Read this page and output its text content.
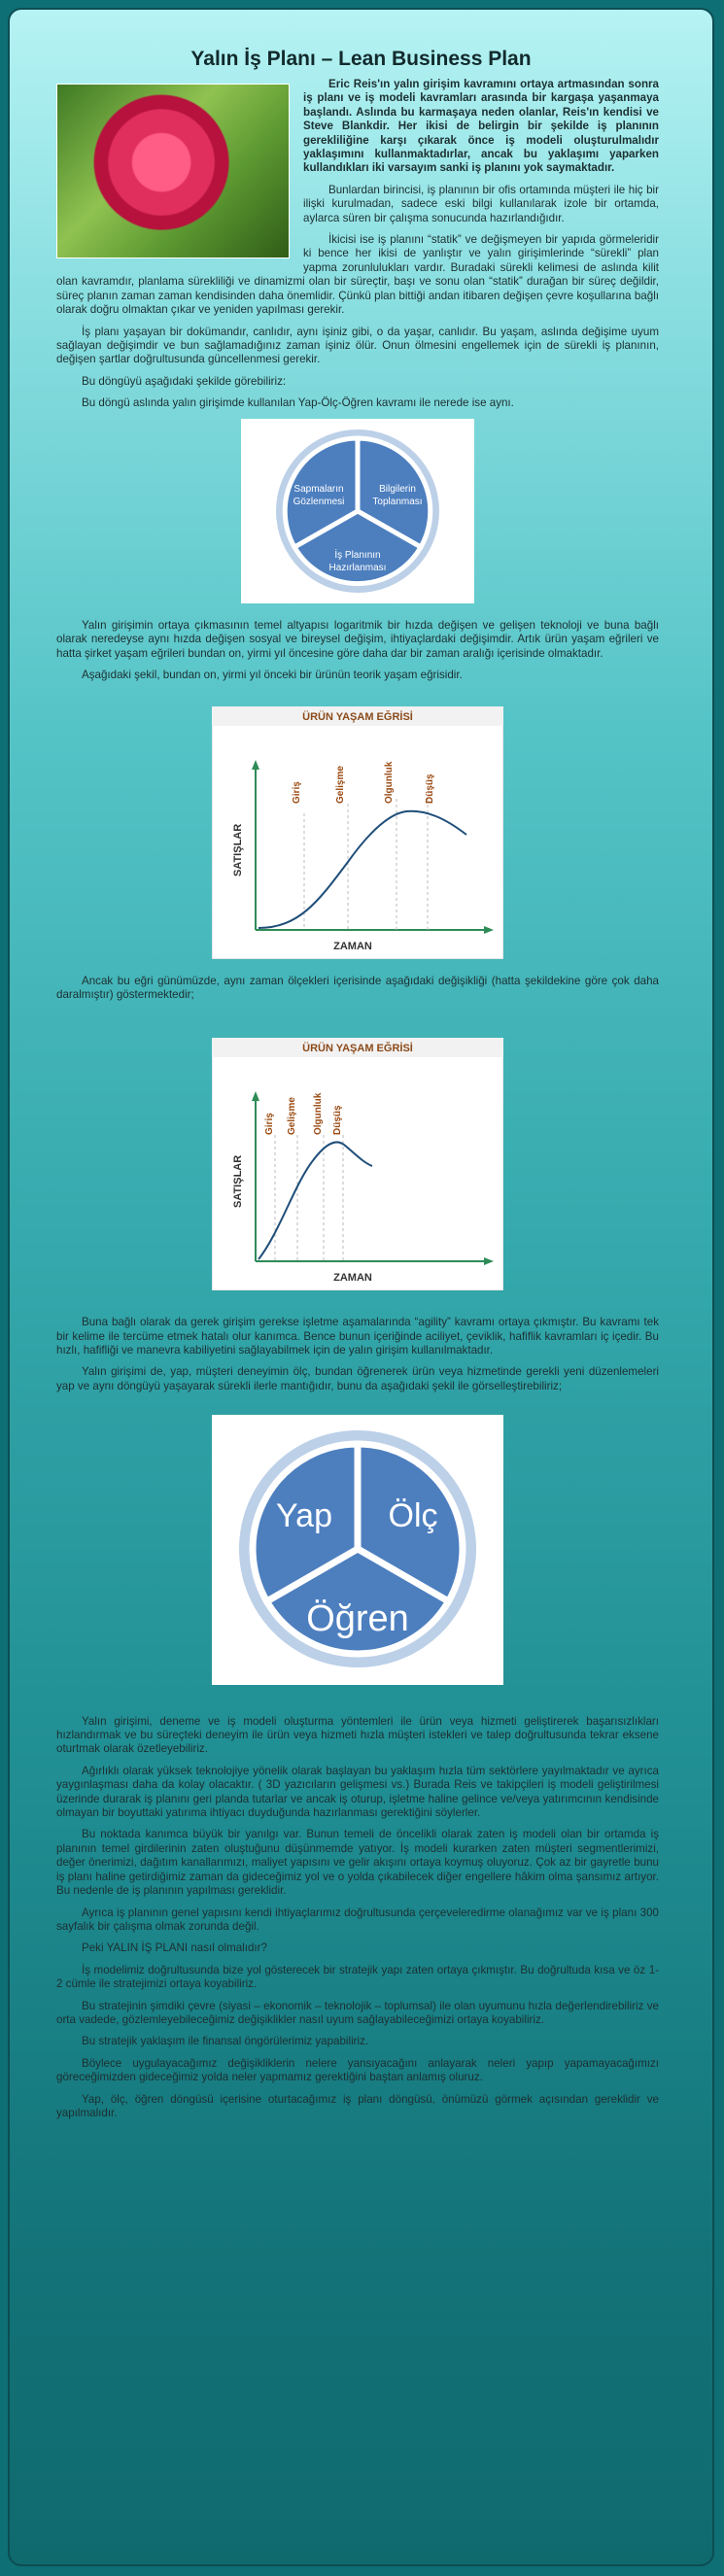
Yalın İş Planı – Lean Business Plan

Eric Reis'ın yalın girişim kavramını ortaya artmasından sonra iş planı ve iş modeli kavramları arasında bir kargaşa yaşanmaya başlandı. Aslında bu karmaşaya neden olanlar, Reis'ın kendisi ve Steve Blankdir. Her ikisi de belirgin bir şekilde iş planının gerekliliğine karşı çıkarak önce iş modeli oluşturulmalıdır yaklaşımını kullanmaktadırlar, ancak bu yaklaşımı yaparken kullandıkları iki varsayım sanki iş planını yok saymaktadır.

Bunlardan birincisi, iş planının bir ofis ortamında müşteri ile hiç bir ilişki kurulmadan, sadece eski bilgi kullanılarak izole bir ortamda, aylarca süren bir çalışma sonucunda hazırlandığıdır.

İkicisi ise iş planını “statik” ve değişmeyen bir yapıda görmeleridir ki bence her ikisi de yanlıştır ve yalın girişimlerinde “sürekli” plan yapma zorunlulukları vardır. Buradaki sürekli kelimesi de aslında kilit olan kavramdır, planlama sürekliliği ve dinamizmi olan bir süreçtir, başı ve sonu olan “statik” durağan bir süreç değildir, süreç planın zaman zaman kendisinden daha önemlidir. Çünkü plan bittiği andan itibaren değişen çevre koşullarına bağlı olarak doğru olmaktan çıkar ve yeniden yapılması gerekir.

İş planı yaşayan bir dokümandır, canlıdır, aynı işiniz gibi, o da yaşar, canlıdır. Bu yaşam, aslında değişime uyum sağlayan değişimdir ve bun sağlamadığınız zaman işiniz ölür. Onun ölmesini engellemek için de sürekli iş planının, değişen şartlar doğrultusunda güncellenmesi gerekir.

Bu döngüyü aşağıdaki şekilde görebiliriz:

Bu döngü aslında yalın girişimde kullanılan Yap-Ölç-Öğren kavramı ile nerede ise aynı.

Sapmaların
Gözlenmesi
Bilgilerin
Toplanması
İş Planının
Hazırlanması

Yalın girişimin ortaya çıkmasının temel altyapısı logaritmik bir hızda değişen ve gelişen teknoloji ve buna bağlı olarak neredeyse aynı hızda değişen sosyal ve bireysel değişim, ihtiyaçlardaki değişimdir. Artık ürün yaşam eğrileri ve hatta şirket yaşam eğrileri bundan on, yirmi yıl öncesine göre daha dar bir zaman aralığı içerisinde olmaktadır.

Aşağıdaki şekil, bundan on, yirmi yıl önceki bir ürünün teorik yaşam eğrisidir.

ÜRÜN YAŞAM EĞRİSİ
Giriş	Gelişme	Olgunluk	Düşüş
SATIŞLAR
ZAMAN

Ancak bu eğri günümüzde, aynı zaman ölçekleri içerisinde aşağıdaki değişikliği (hatta şekildekine göre çok daha daralmıştır) göstermektedir;

ÜRÜN YAŞAM EĞRİSİ
Giriş Gelişme Olgunluk Düşüş
SATIŞLAR
ZAMAN

Buna bağlı olarak da gerek girişim gerekse işletme aşamalarında “agility” kavramı ortaya çıkmıştır. Bu kavramı tek bir kelime ile tercüme etmek hatalı olur kanımca. Bence bunun içeriğinde aciliyet, çeviklik, hafiflik kavramları iç içedir. Bu hızlı, hafifliği ve manevra kabiliyetini sağlayabilmek için de yalın girişim kullanılmaktadır.

Yalın girişimi de, yap, müşteri deneyimin ölç, bundan öğrenerek ürün veya hizmetinde gerekli yeni düzenlemeleri yap ve aynı döngüyü yaşayarak sürekli ilerle mantığıdır, bunu da aşağıdaki şekil ile görselleştirebiliriz;

Yap Ölç
Öğren

Yalın girişimi, deneme ve iş modeli oluşturma yöntemleri ile ürün veya hizmeti geliştirerek başarısızlıkları hızlandırmak ve bu süreçteki deneyim ile ürün veya hizmeti hızla müşteri istekleri ve talep doğrultusunda tekrar eksene oturtmak olarak özetleyebiliriz.

Ağırlıklı olarak yüksek teknolojiye yönelik olarak başlayan bu yaklaşım hızla tüm sektörlere yayılmaktadır ve ayrıca yaygınlaşması daha da kolay olacaktır. ( 3D yazıcıların gelişmesi vs.) Burada Reis ve takipçileri iş modeli geliştirilmesi üzerinde durarak iş planını geri planda tutarlar ve ancak iş oturup, işletme haline gelince ve/veya yatırımcının kendisinde olmayan bir boyuttaki yatırıma ihtiyacı duyduğunda hazırlanması gerektiğini söylerler.

Bu noktada kanımca büyük bir yanılgı var. Bunun temeli de öncelikli olarak zaten iş modeli olan bir ortamda iş planının temel girdilerinin zaten oluştuğunu düşünmemde yatıyor. İş modeli kurarken zaten müşteri segmentlerimizi, değer önerimizi, dağıtım kanallarımızı, maliyet yapısını ve gelir akışını ortaya koymuş oluyoruz. Çok az bir gayretle bunu iş planı haline getirdiğimiz zaman da gideceğimiz yol ve o yolda çıkabilecek diğer engellere hâkim olma şansımız artıyor. Bu nedenle de iş planının yapılması gereklidir.

Ayrıca iş planının genel yapısını kendi ihtiyaçlarımız doğrultusunda çerçeveleredirme olanağımız var ve iş planı 300 sayfalık bir çalışma olmak zorunda değil.

Peki YALIN İŞ PLANI nasıl olmalıdır?

İş modelimiz doğrultusunda bize yol gösterecek bir stratejik yapı zaten ortaya çıkmıştır. Bu doğrultuda kısa ve öz 1-2 cümle ile stratejimizi ortaya koyabiliriz.

Bu stratejinin şimdiki çevre (siyasi – ekonomik – teknolojik – toplumsal) ile olan uyumunu hızla değerlendirebiliriz ve orta vadede, gözlemleyebileceğimiz değişiklikler nasıl uyum sağlayabileceğimizi ortaya koyabiliriz.

Bu stratejik yaklaşım ile finansal öngörülerimiz yapabiliriz.

Böylece uygulayacağımız değişikliklerin nelere yansıyacağını anlayarak neleri yapıp yapamayacağımızı göreceğimizden gideceğimiz yolda neler yapmamız gerektiğini baştan anlamış oluruz.

Yap, ölç, öğren döngüsü içerisine oturtacağımız iş planı döngüsü, önümüzü görmek açısından gereklidir ve yapılmalıdır.
